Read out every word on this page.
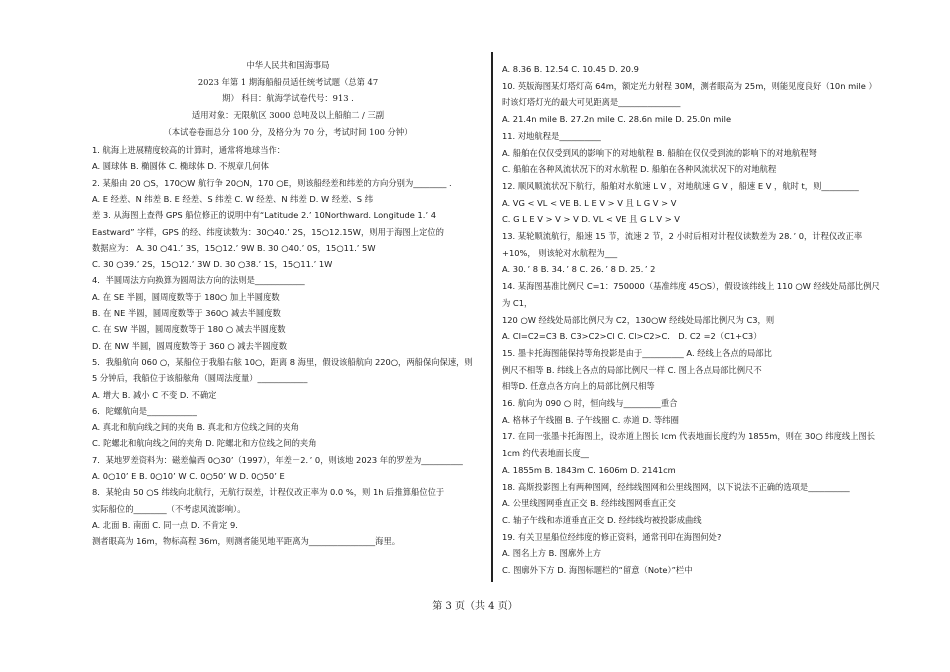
中华人民共和国海事局
2023 年第 1 期海船船员适任统考试题（总第 47
期） 科目：航海学试卷代号：913 .
适用对象：无限航区 3000 总吨及以上船舶二 / 三副
（本试卷卷面总分 100 分，及格分为 70 分，考试时间 100 分钟）
1. 航海上进展精度较高的计算时，通常将地球当作：
A. 圆球体 B. 椭圆体 C. 椭球体 D. 不规章几何体
2. 某船由 20 ○S，170○W 航行争 20○N，170 ○E，则该船经差和纬差的方向分别为________ .
A. E 经差、N 纬差 B. E 经差、S 纬差 C. W 经差、N 纬差 D. W 经差、S 纬
差 3. 从海图上查得 GPS 船位修正的说明中有“Latitude 2.’ 10Northward. Longitude 1.’ 4
Eastward” 字样，GPS 的经、纬度读数为：30○40.’ 2S，15○12.15W，则用于海图上定位的
数据应为： A. 30 ○41.’ 3S，15○12.’ 9W B. 30 ○40.’ 0S，15○11.’ 5W
C. 30 ○39.’ 2S，15○12.’ 3W D. 30 ○38.’ 1S，15○11.’ 1W
4．半圆周法方向换算为圆周法方向的法则是____________
A. 在 SE 半圆，圆周度数等于 180○ 加上半圆度数
B. 在 NE 半圆，圆周度数等于 360○ 减去半圆度数
C. 在 SW 半圆，圆周度数等于 180 ○ 减去半圆度数
D. 在 NW 半圆，圆周度数等于 360 ○ 减去半圆度数
5．我船航向 060 ○，某船位于我船右舷 10○，距离 8 海里，假设该船航向 220○，两船保向保速，则
5 分钟后，我船位于该船舷角（圆周法度量）____________
A. 增大 B. 减小 C 不变 D. 不确定
6．陀螺航向是____________
A. 真北和航向线之间的夹角 B. 真北和方位线之间的夹角
C. 陀螺北和航向线之间的夹角 D. 陀螺北和方位线之间的夹角
7．某地罗差资料为：磁差偏西 0○30’（1997），年差－2．’ 0，则该地 2023 年的罗差为__________
A. 0○10’ E B. 0○10’ W C. 0○50’ W D. 0○50’ E
8．某轮由 50 ○S 纬线向北航行，无航行误差，计程仪改正率为 0.0 %，则 1h 后推算船位位于
实际船位的________（不考虑风流影响）。
A. 北面 B. 南面 C. 同一点 D. 不肯定 9．
测者眼高为 16m，物标高程 36m，则测者能见地平距离为________________海里。
A. 8.36 B. 12.54 C. 10.45 D. 20.9
10. 英版海图某灯塔灯高 64m，额定光力射程 30M，测者眼高为 25m，则能见度良好（10n mile ）
时该灯塔灯光的最大可见距离是_______________
A. 21.4n mile B. 27.2n mile C. 28.6n mile D. 25.0n mile
11. 对地航程是__________
A. 船舶在仅仅受到风的影响下的对地航程 B. 船舶在仅仅受到流的影响下的对地航程弩
C. 船舶在各种风流状况下的对水航程 D. 船舶在各种风流状况下的对地航程
12. 顺风顺流状况下航行，船舶对水航速 L V ，对地航速 G V ，船速 E V ，航时 t，则_________
A. VG < VL < VE B. L E V > V 且 L G V > V
C. G L E V > V > V D. VL < VE 且 G L V > V
13. 某轮顺流航行，船速 15 节，流速 2 节，2 小时后相对计程仪读数差为 28．’ 0，计程仪改正率
+10%， 则该轮对水航程为___
A. 30．’ 8 B. 34．’ 8 C. 26．’ 8 D. 25．’ 2
14. 某海图基准比例尺 C=1：750000（基准纬度 45○S），假设该纬线上 110 ○W 经线处局部比例尺
为 C1，
120 ○W 经线处局部比例尺为 C2，130○W 经线处局部比例尺为 C3，则
A. Cl=C2=C3 B. C3>C2>Cl C. Cl>C2>C． D. C2 =2（C1+C3）
15. 墨卡托海图能保持等角投影是由于__________ A. 经线上各点的局部比
例尺不相等 B. 纬线上各点的局部比例尺一样 C. 图上各点局部比例尺不
相等D. 任意点各方向上的局部比例尺相等
16. 航向为 090 ○ 时，恒向线与_________重合
A. 格林子午线圈 B. 子午线圈 C. 赤道 D. 等纬圈
17. 在同一张墨卡托海图上，设赤道上图长 lcm 代表地面长度约为 1855m，则在 30○ 纬度线上图长
1cm 约代表地面长度__
A. 1855m B. 1843m C. 1606m D. 2141cm
18. 高斯投影图上有两种图网，经纬线图网和公里线图网，以下说法不正确的选项是__________
A. 公里线图网垂直正交 B. 经纬线图网垂直正交
C. 轴子午线和赤道垂直正交 D. 经纬线均被投影成曲线
19. 有关卫星船位经纬度的修正资料，通常刊印在海图何处?
A. 图名上方 B. 图廓外上方
C. 图廓外下方 D. 海图标题栏的“留意（Note）”栏中
第 3 页（共 4 页）
